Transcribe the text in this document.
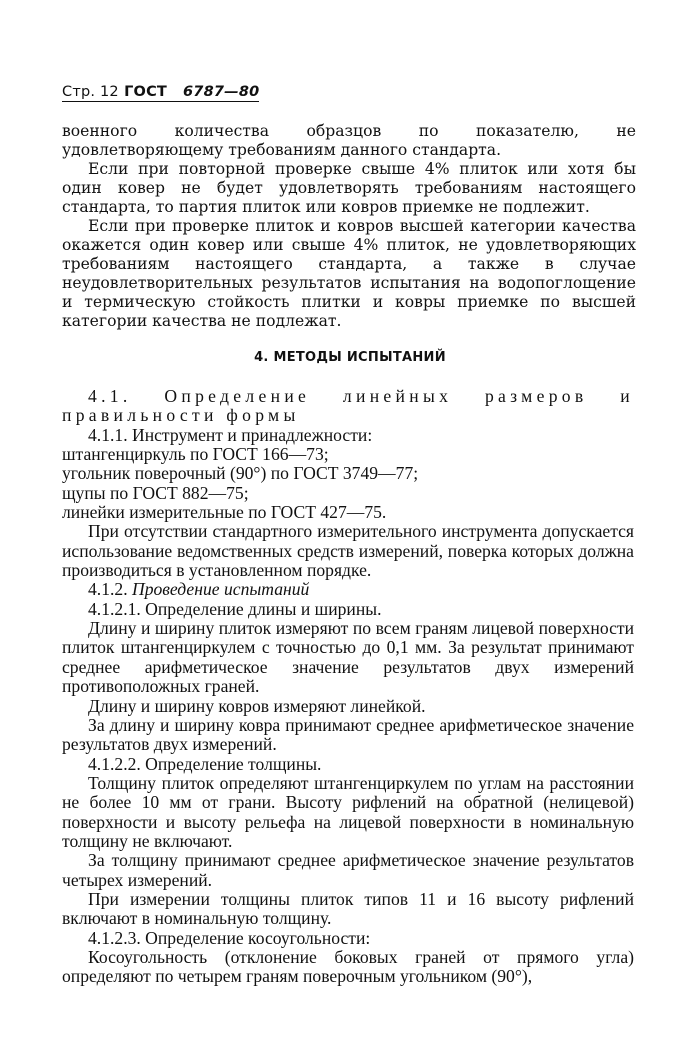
Стр. 12 ГОСТ 6787—80

военного количества образцов по показателю, не удовлетворяющему требованиям данного стандарта.

Если при повторной проверке свыше 4% плиток или хотя бы один ковер не будет удовлетворять требованиям настоящего стандарта, то партия плиток или ковров приемке не подлежит.

Если при проверке плиток и ковров высшей категории качества окажется один ковер или свыше 4% плиток, не удовлетворяющих требованиям настоящего стандарта, а также в случае неудовлетворительных результатов испытания на водопоглощение и термическую стойкость плитки и ковры приемке по высшей категории качества не подлежат.

4. МЕТОДЫ ИСПЫТАНИЙ

4.1. Определение линейных размеров и правильности формы

4.1.1. Инструмент и принадлежности:

штангенциркуль по ГОСТ 166—73;

угольник поверочный (90°) по ГОСТ 3749—77;

щупы по ГОСТ 882—75;

линейки измерительные по ГОСТ 427—75.

При отсутствии стандартного измерительного инструмента допускается использование ведомственных средств измерений, поверка которых должна производиться в установленном порядке.

4.1.2. Проведение испытаний

4.1.2.1. Определение длины и ширины.

Длину и ширину плиток измеряют по всем граням лицевой поверхности плиток штангенциркулем с точностью до 0,1 мм. За результат принимают среднее арифметическое значение результатов двух измерений противоположных граней.

Длину и ширину ковров измеряют линейкой.

За длину и ширину ковра принимают среднее арифметическое значение результатов двух измерений.

4.1.2.2. Определение толщины.

Толщину плиток определяют штангенциркулем по углам на расстоянии не более 10 мм от грани. Высоту рифлений на обратной (нелицевой) поверхности и высоту рельефа на лицевой поверхности в номинальную толщину не включают.

За толщину принимают среднее арифметическое значение результатов четырех измерений.

При измерении толщины плиток типов 11 и 16 высоту рифлений включают в номинальную толщину.

4.1.2.3. Определение косоугольности:

Косоугольность (отклонение боковых граней от прямого угла) определяют по четырем граням поверочным угольником (90°),
